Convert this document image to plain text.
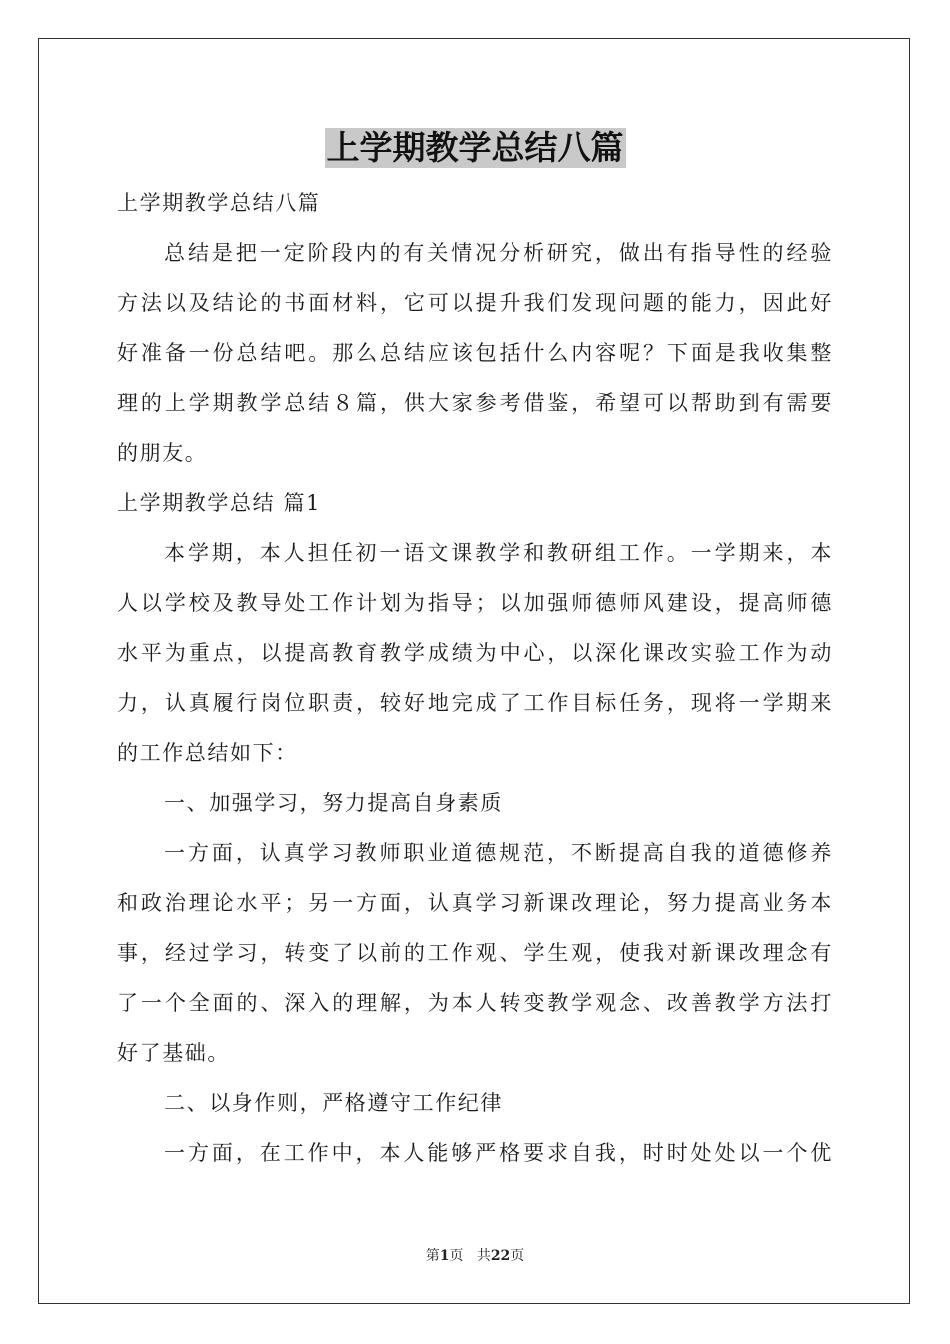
上学期教学总结八篇
上学期教学总结八篇
总结是把一定阶段内的有关情况分析研究，做出有指导性的经验
方法以及结论的书面材料，它可以提升我们发现问题的能力，因此好
好准备一份总结吧。那么总结应该包括什么内容呢？下面是我收集整
理的上学期教学总结８篇，供大家参考借鉴，希望可以帮助到有需要
的朋友。
上学期教学总结 篇1
本学期，本人担任初一语文课教学和教研组工作。一学期来，本
人以学校及教导处工作计划为指导；以加强师德师风建设，提高师德
水平为重点，以提高教育教学成绩为中心，以深化课改实验工作为动
力，认真履行岗位职责，较好地完成了工作目标任务，现将一学期来
的工作总结如下：
一、加强学习，努力提高自身素质
一方面，认真学习教师职业道德规范，不断提高自我的道德修养
和政治理论水平；另一方面，认真学习新课改理论，努力提高业务本
事，经过学习，转变了以前的工作观、学生观，使我对新课改理念有
了一个全面的、深入的理解，为本人转变教学观念、改善教学方法打
好了基础。
二、以身作则，严格遵守工作纪律
一方面，在工作中，本人能够严格要求自我，时时处处以一个优
第1页 共22页
